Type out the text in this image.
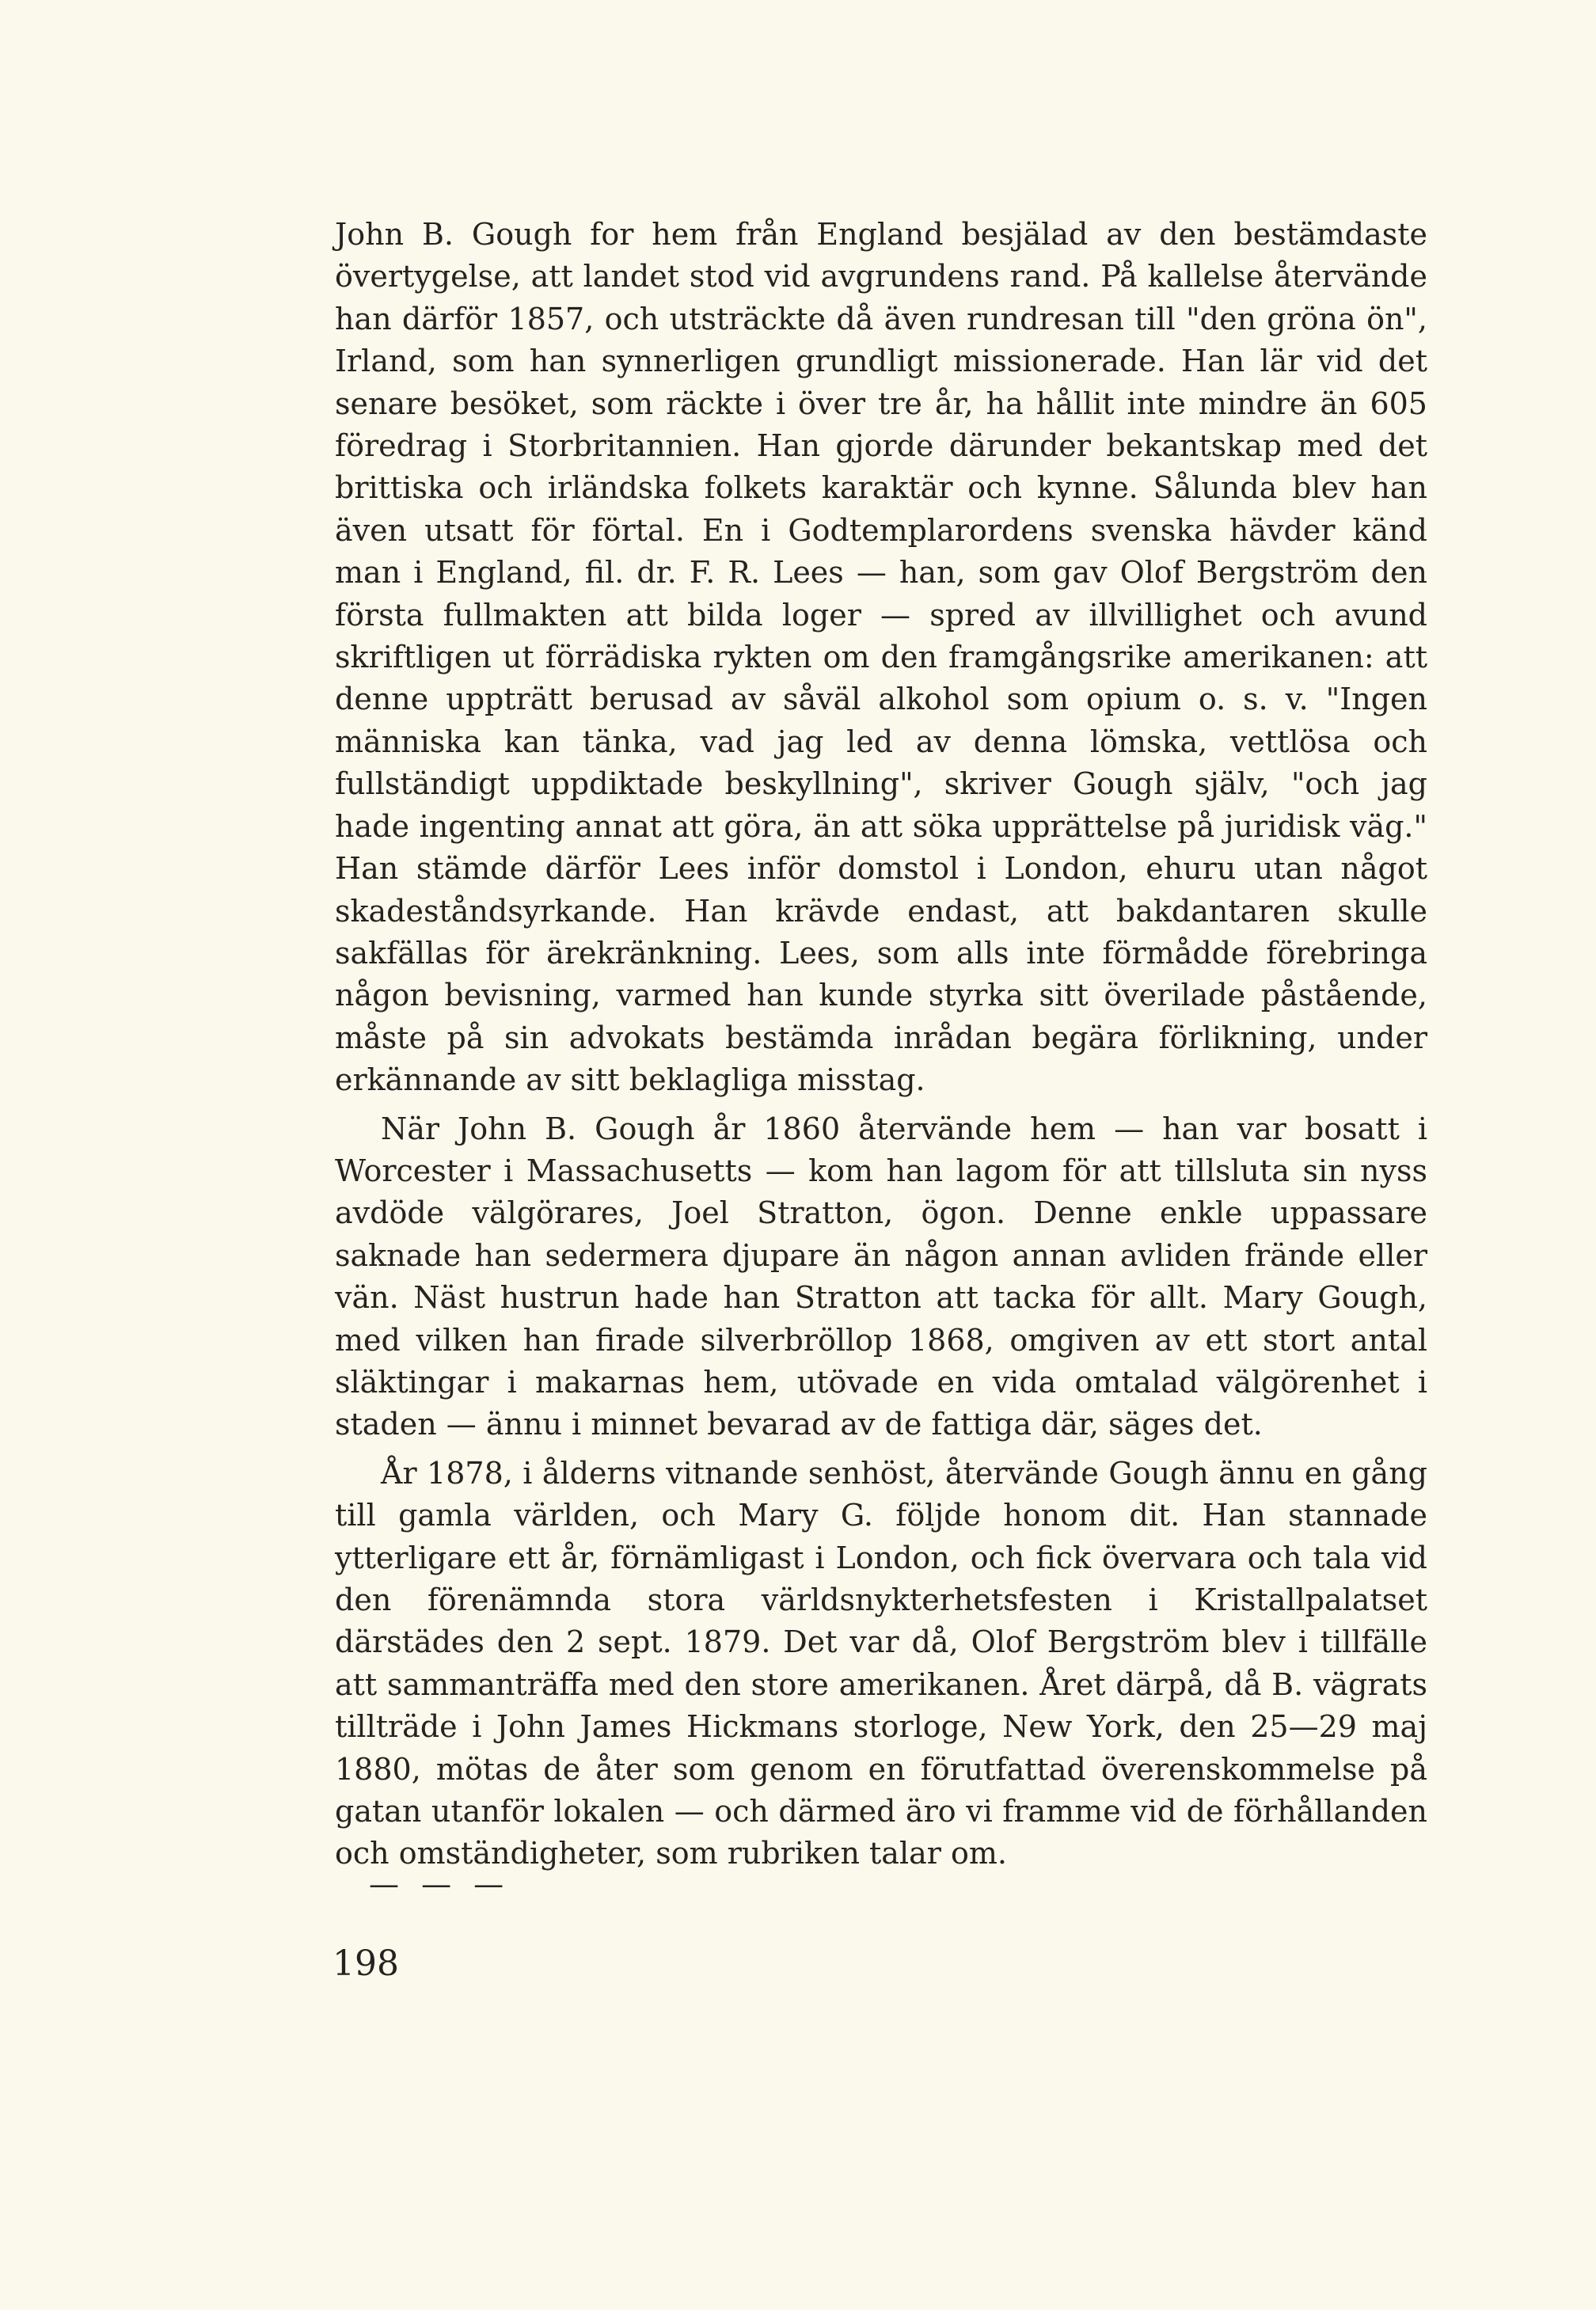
John B. Gough for hem från England besjälad av den bestämdaste övertygelse, att landet stod vid avgrundens rand. På kallelse återvände han därför 1857, och utsträckte då även rundresan till "den gröna ön", Irland, som han synnerligen grundligt missionerade. Han lär vid det senare besöket, som räckte i över tre år, ha hållit inte mindre än 605 föredrag i Storbritannien. Han gjorde därunder bekantskap med det brittiska och irländska folkets karaktär och kynne. Sålunda blev han även utsatt för förtal. En i Godtemplarordens svenska hävder känd man i England, fil. dr. F. R. Lees — han, som gav Olof Bergström den första fullmakten att bilda loger — spred av illvillighet och avund skriftligen ut förrädiska rykten om den framgångsrike amerikanen: att denne uppträtt berusad av såväl alkohol som opium o. s. v. "Ingen människa kan tänka, vad jag led av denna lömska, vettlösa och fullständigt uppdiktade beskyllning", skriver Gough själv, "och jag hade ingenting annat att göra, än att söka upprättelse på juridisk väg." Han stämde därför Lees inför domstol i London, ehuru utan något skadeståndsyrkande. Han krävde endast, att bakdantaren skulle sakfällas för ärekränkning. Lees, som alls inte förmådde förebringa någon bevisning, varmed han kunde styrka sitt överilade påstående, måste på sin advokats bestämda inrådan begära förlikning, under erkännande av sitt beklagliga misstag.

När John B. Gough år 1860 återvände hem — han var bosatt i Worcester i Massachusetts — kom han lagom för att tillsluta sin nyss avdöde välgörares, Joel Stratton, ögon. Denne enkle uppassare saknade han sedermera djupare än någon annan avliden frände eller vän. Näst hustrun hade han Stratton att tacka för allt. Mary Gough, med vilken han firade silverbröllop 1868, omgiven av ett stort antal släktingar i makarnas hem, utövade en vida omtalad välgörenhet i staden — ännu i minnet bevarad av de fattiga där, säges det.

År 1878, i ålderns vitnande senhöst, återvände Gough ännu en gång till gamla världen, och Mary G. följde honom dit. Han stannade ytterligare ett år, förnämligast i London, och fick övervara och tala vid den förenämnda stora världsnykterhetsfesten i Kristallpalatset därstädes den 2 sept. 1879. Det var då, Olof Bergström blev i tillfälle att sammanträffa med den store amerikanen. Året därpå, då B. vägrats tillträde i John James Hickmans storloge, New York, den 25—29 maj 1880, mötas de åter som genom en förutfattad överenskommelse på gatan utanför lokalen — och därmed äro vi framme vid de förhållanden och omständigheter, som rubriken talar om.

— — —
198
